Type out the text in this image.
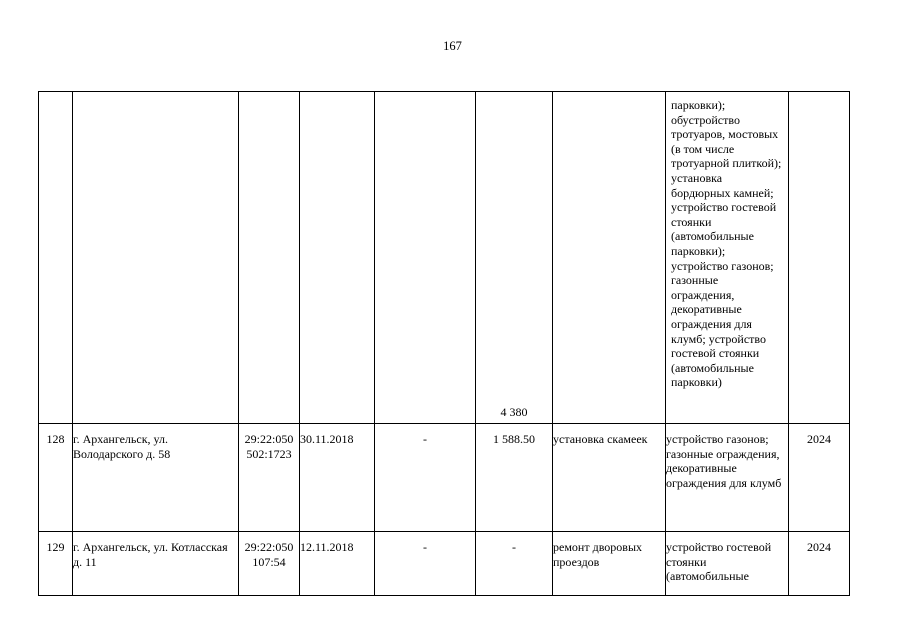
167

					4 380		парковки); обустройство тротуаров, мостовых (в том числе тротуарной плиткой); установка бордюрных камней; устройство гостевой стоянки (автомобильные парковки); устройство газонов; газонные ограждения, декоративные ограждения для клумб; устройство гостевой стоянки (автомобильные парковки)	

128	г. Архангельск, ул. Володарского д. 58	29:22:050 502:1723	30.11.2018	-	1 588.50	установка скамеек	устройство газонов; газонные ограждения, декоративные ограждения для клумб	2024
129	г. Архангельск, ул. Котласская д. 11	29:22:050 107:54	12.11.2018	-	-	ремонт дворовых проездов	устройство гостевой стоянки (автомобильные	2024
